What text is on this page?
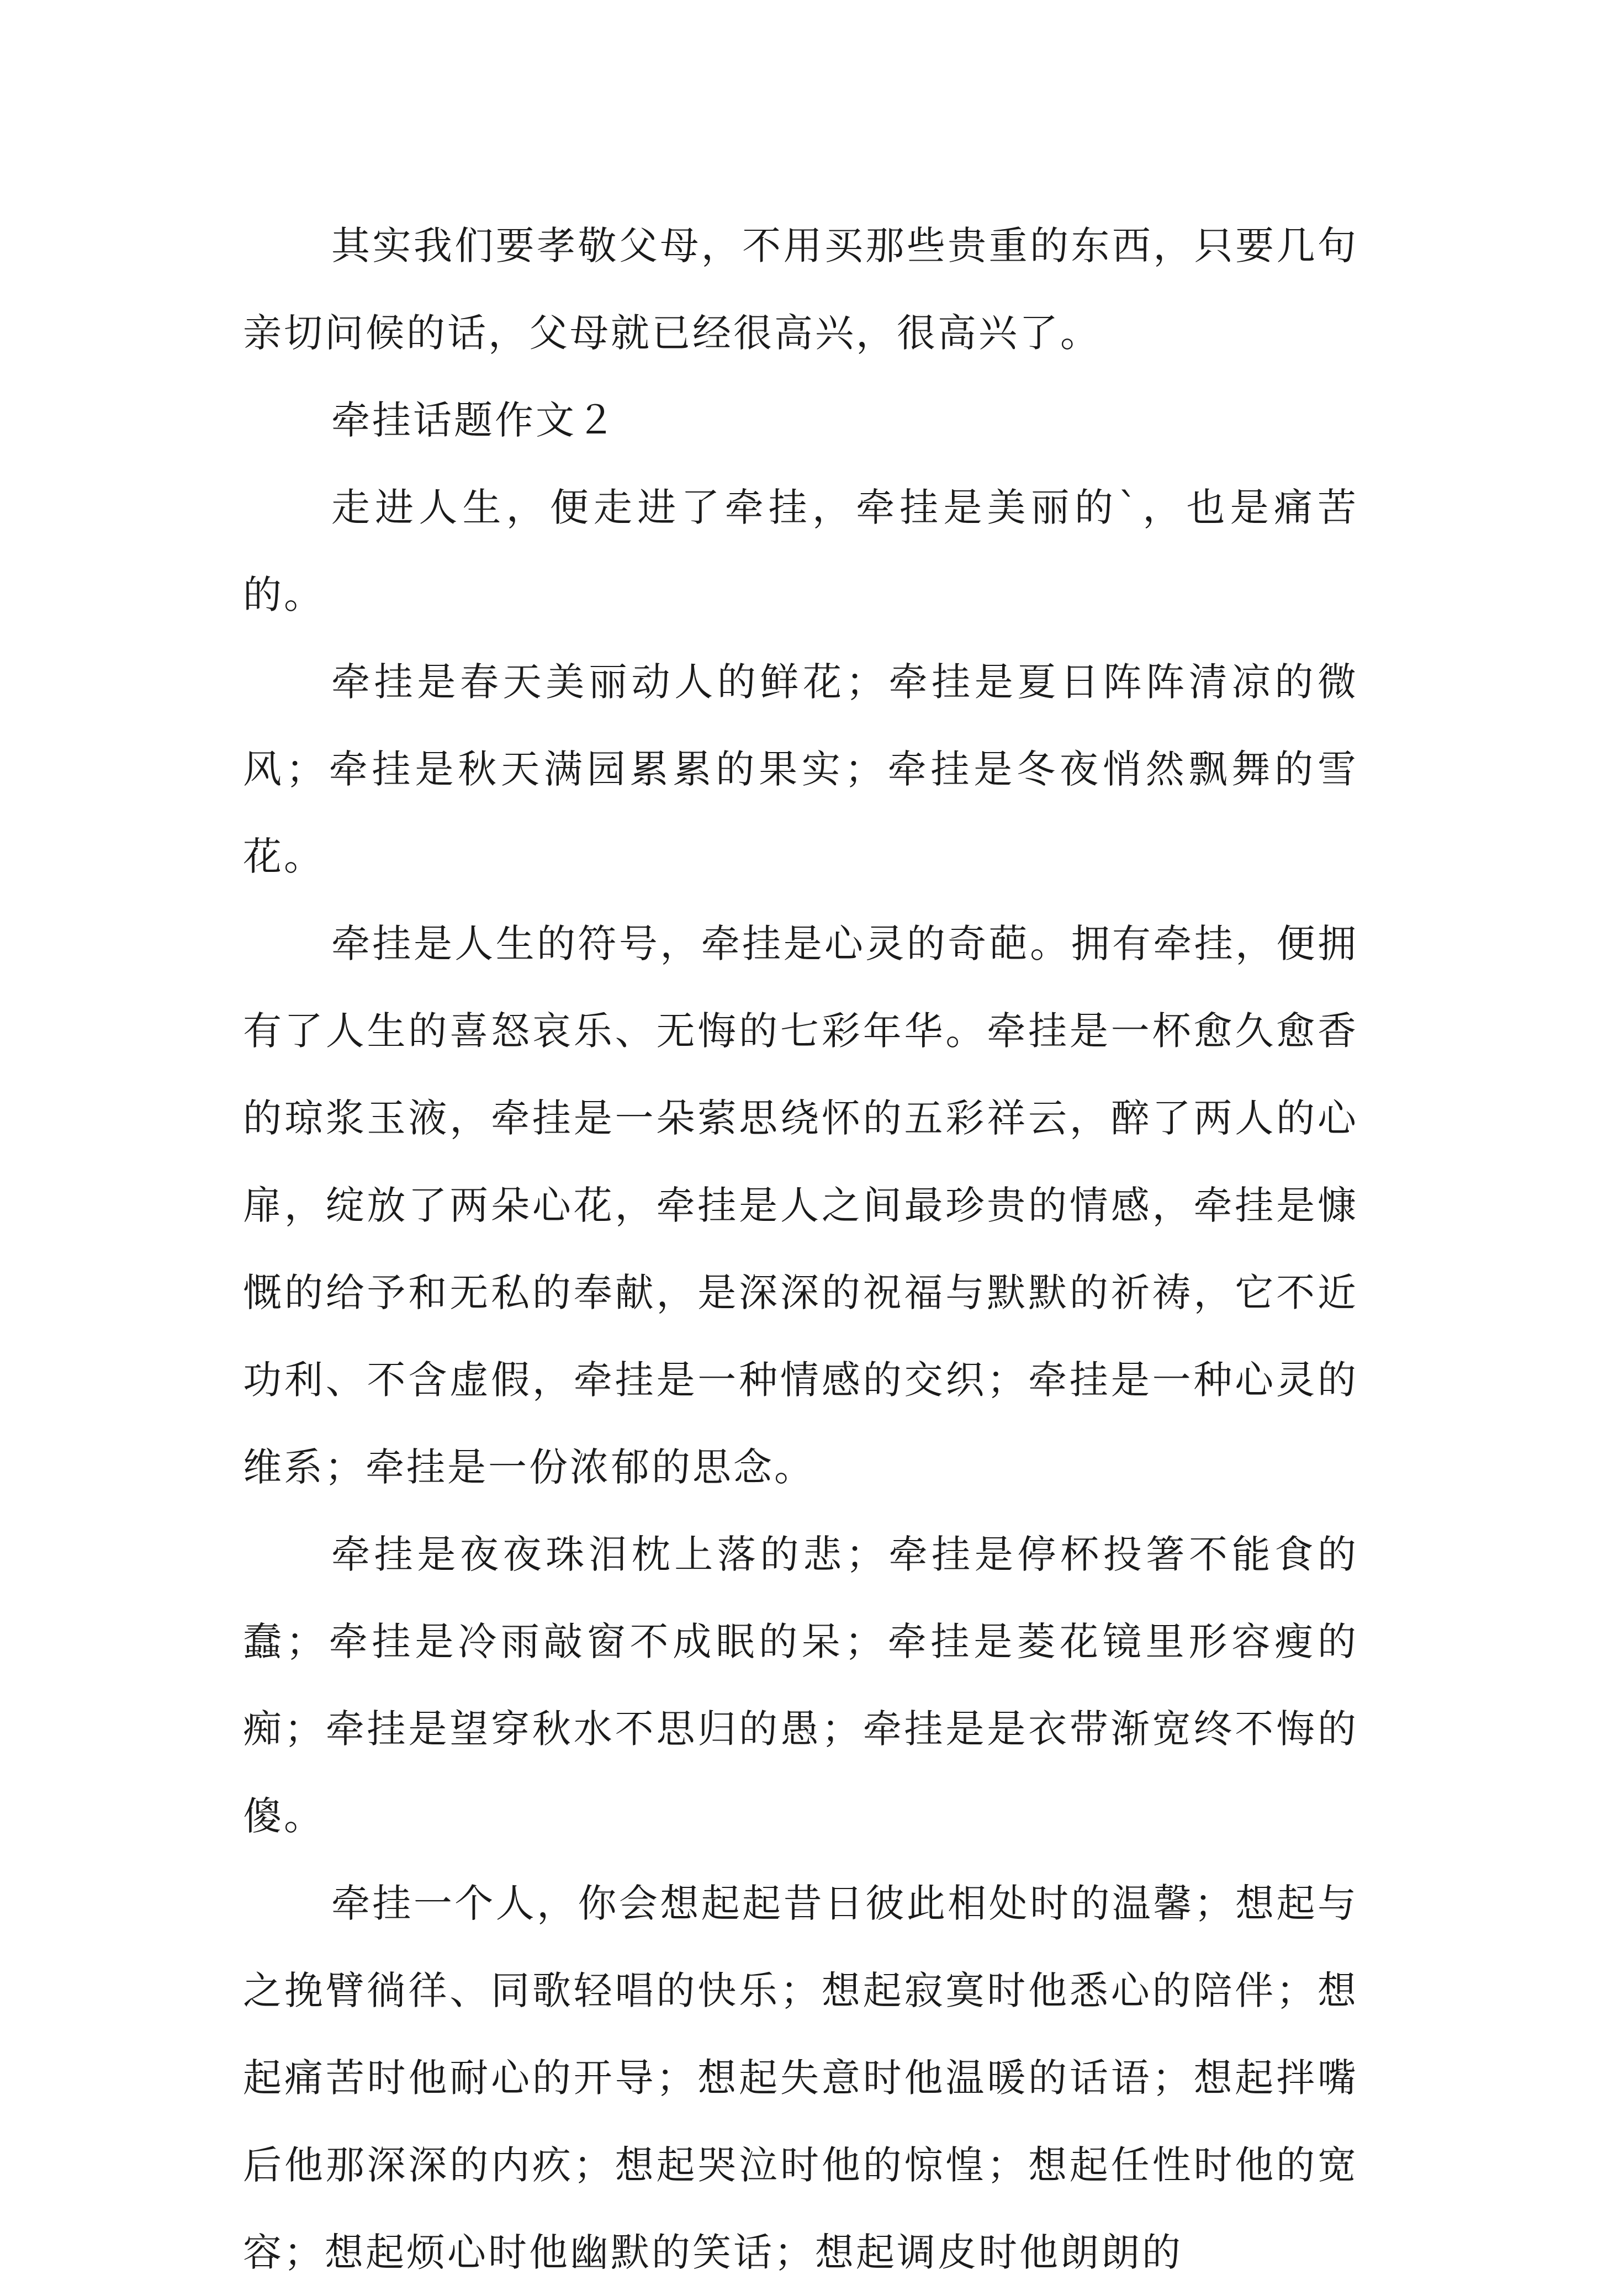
其实我们要孝敬父母，不用买那些贵重的东西，只要几句亲切问候的话，父母就已经很高兴，很高兴了。

牵挂话题作文２

走进人生，便走进了牵挂，牵挂是美丽的`，也是痛苦的。

牵挂是春天美丽动人的鲜花；牵挂是夏日阵阵清凉的微风；牵挂是秋天满园累累的果实；牵挂是冬夜悄然飘舞的雪花。

牵挂是人生的符号，牵挂是心灵的奇葩。拥有牵挂，便拥有了人生的喜怒哀乐、无悔的七彩年华。牵挂是一杯愈久愈香的琼浆玉液，牵挂是一朵萦思绕怀的五彩祥云，醉了两人的心扉，绽放了两朵心花，牵挂是人之间最珍贵的情感，牵挂是慷慨的给予和无私的奉献，是深深的祝福与默默的祈祷，它不近功利、不含虚假，牵挂是一种情感的交织；牵挂是一种心灵的维系；牵挂是一份浓郁的思念。

牵挂是夜夜珠泪枕上落的悲；牵挂是停杯投箸不能食的蠢；牵挂是冷雨敲窗不成眠的呆；牵挂是菱花镜里形容瘦的痴；牵挂是望穿秋水不思归的愚；牵挂是是衣带渐宽终不悔的傻。

牵挂一个人，你会想起起昔日彼此相处时的温馨；想起与之挽臂徜徉、同歌轻唱的快乐；想起寂寞时他悉心的陪伴；想起痛苦时他耐心的开导；想起失意时他温暖的话语；想起拌嘴后他那深深的内疚；想起哭泣时他的惊惶；想起任性时他的宽容；想起烦心时他幽默的笑话；想起调皮时他朗朗的
